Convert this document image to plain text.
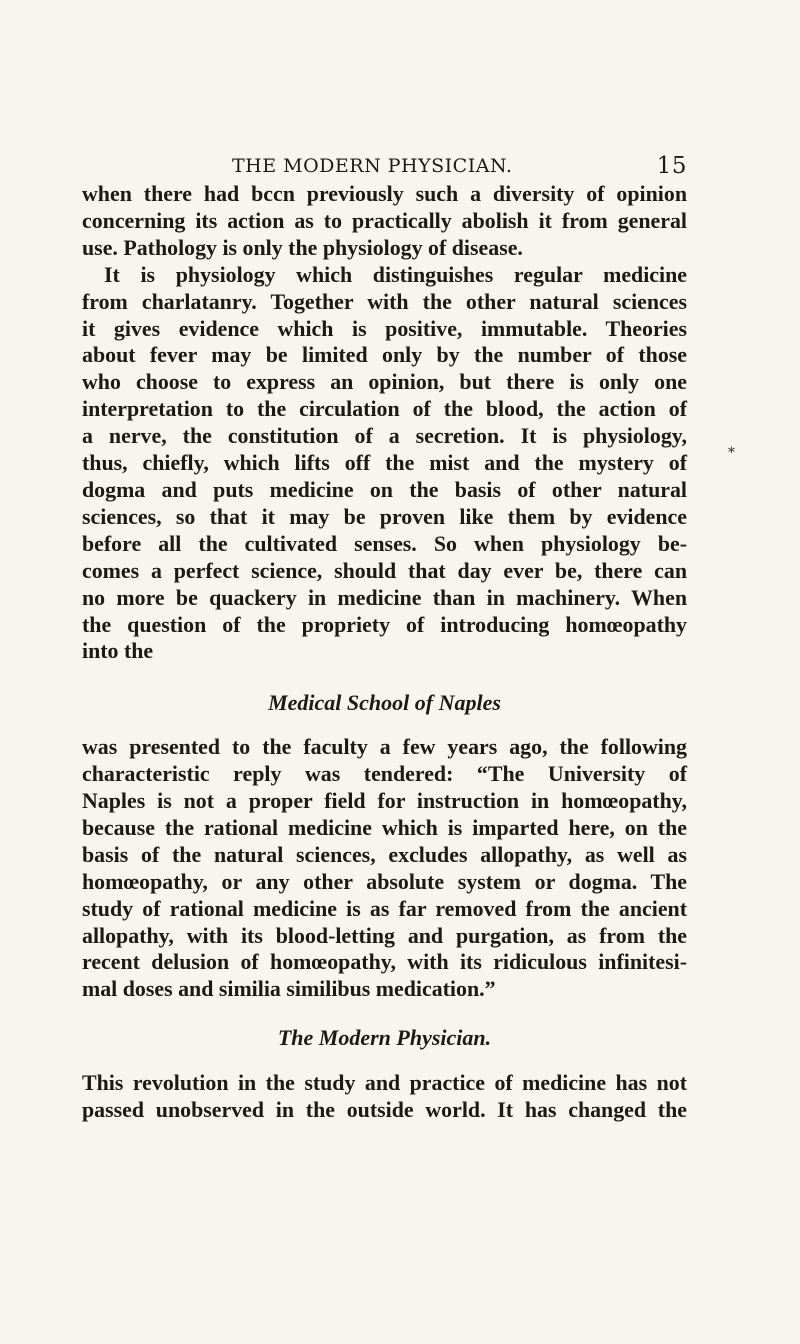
THE MODERN PHYSICIAN.	15
when there had bccn previously such a diversity of opinion
concerning its action as to practically abolish it from general
use. Pathology is only the physiology of disease.
It is physiology which distinguishes regular medicine
from charlatanry. Together with the other natural sciences
it gives evidence which is positive, immutable. Theories
about fever may be limited only by the number of those
who choose to express an opinion, but there is only one
interpretation to the circulation of the blood, the action of
a nerve, the constitution of a secretion. It is physiology,
thus, chiefly, which lifts off the mist and the mystery of
dogma and puts medicine on the basis of other natural
sciences, so that it may be proven like them by evidence
before all the cultivated senses. So when physiology be-
comes a perfect science, should that day ever be, there can
no more be quackery in medicine than in machinery. When
the question of the propriety of introducing homœopathy
into the
Medical School of Naples
was presented to the faculty a few years ago, the following
characteristic reply was tendered: “The University of
Naples is not a proper field for instruction in homœopathy,
because the rational medicine which is imparted here, on the
basis of the natural sciences, excludes allopathy, as well as
homœopathy, or any other absolute system or dogma. The
study of rational medicine is as far removed from the ancient
allopathy, with its blood-letting and purgation, as from the
recent delusion of homœopathy, with its ridiculous infinitesi-
mal doses and similia similibus medication.”
The Modern Physician.
This revolution in the study and practice of medicine has not
passed unobserved in the outside world. It has changed the
*
